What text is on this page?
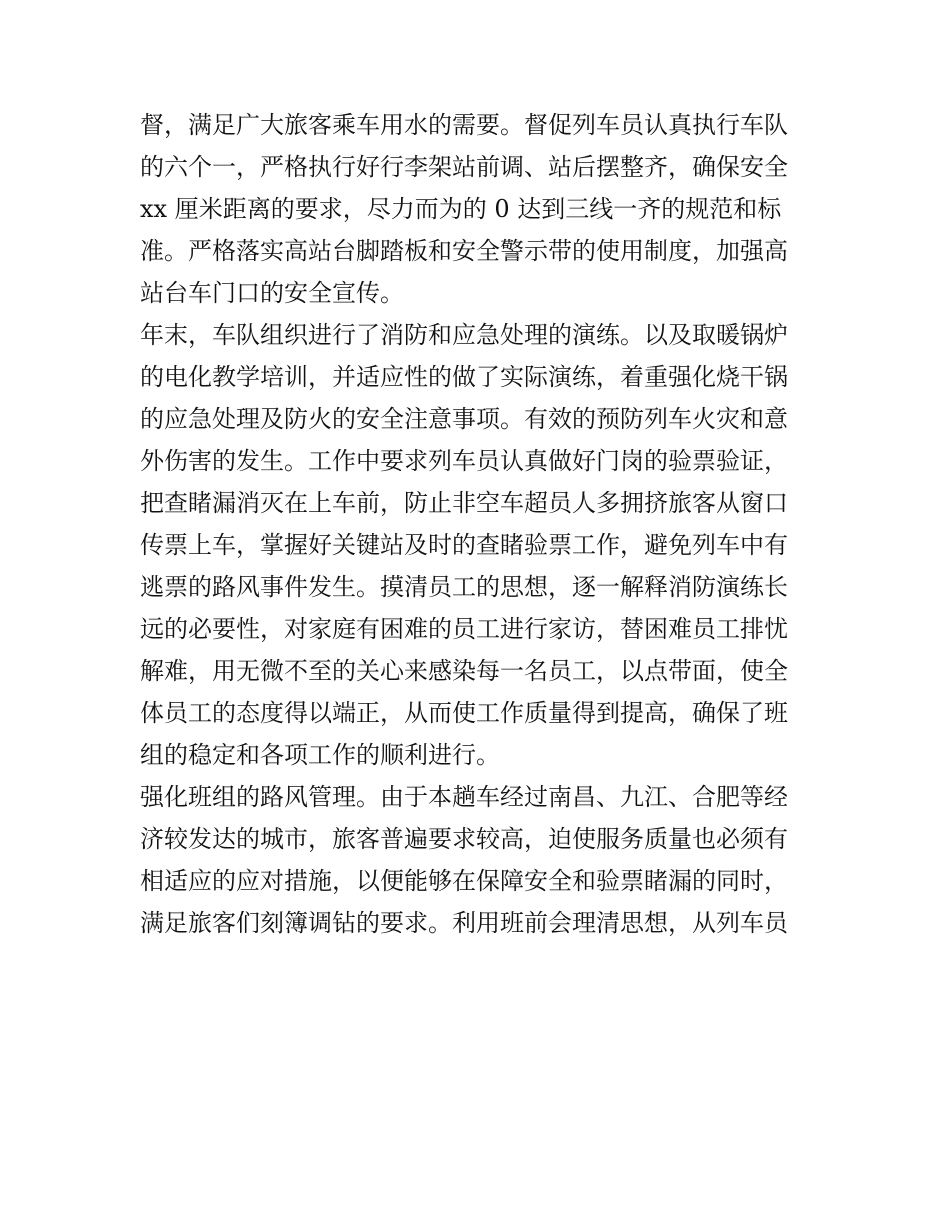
督，满足广大旅客乘车用水的需要。督促列车员认真执行车队
的六个一，严格执行好行李架站前调、站后摆整齐，确保安全
xx 厘米距离的要求，尽力而为的 0 达到三线一齐的规范和标
准。严格落实高站台脚踏板和安全警示带的使用制度，加强高
站台车门口的安全宣传。
年末，车队组织进行了消防和应急处理的演练。以及取暖锅炉
的电化教学培训，并适应性的做了实际演练，着重强化烧干锅
的应急处理及防火的安全注意事项。有效的预防列车火灾和意
外伤害的发生。工作中要求列车员认真做好门岗的验票验证，
把查睹漏消灭在上车前，防止非空车超员人多拥挤旅客从窗口
传票上车，掌握好关键站及时的查睹验票工作，避免列车中有
逃票的路风事件发生。摸清员工的思想，逐一解释消防演练长
远的必要性，对家庭有困难的员工进行家访，替困难员工排忧
解难，用无微不至的关心来感染每一名员工，以点带面，使全
体员工的态度得以端正，从而使工作质量得到提高，确保了班
组的稳定和各项工作的顺利进行。
强化班组的路风管理。由于本趟车经过南昌、九江、合肥等经
济较发达的城市，旅客普遍要求较高，迫使服务质量也必须有
相适应的应对措施，以便能够在保障安全和验票睹漏的同时，
满足旅客们刻簿调钻的要求。利用班前会理清思想，从列车员
